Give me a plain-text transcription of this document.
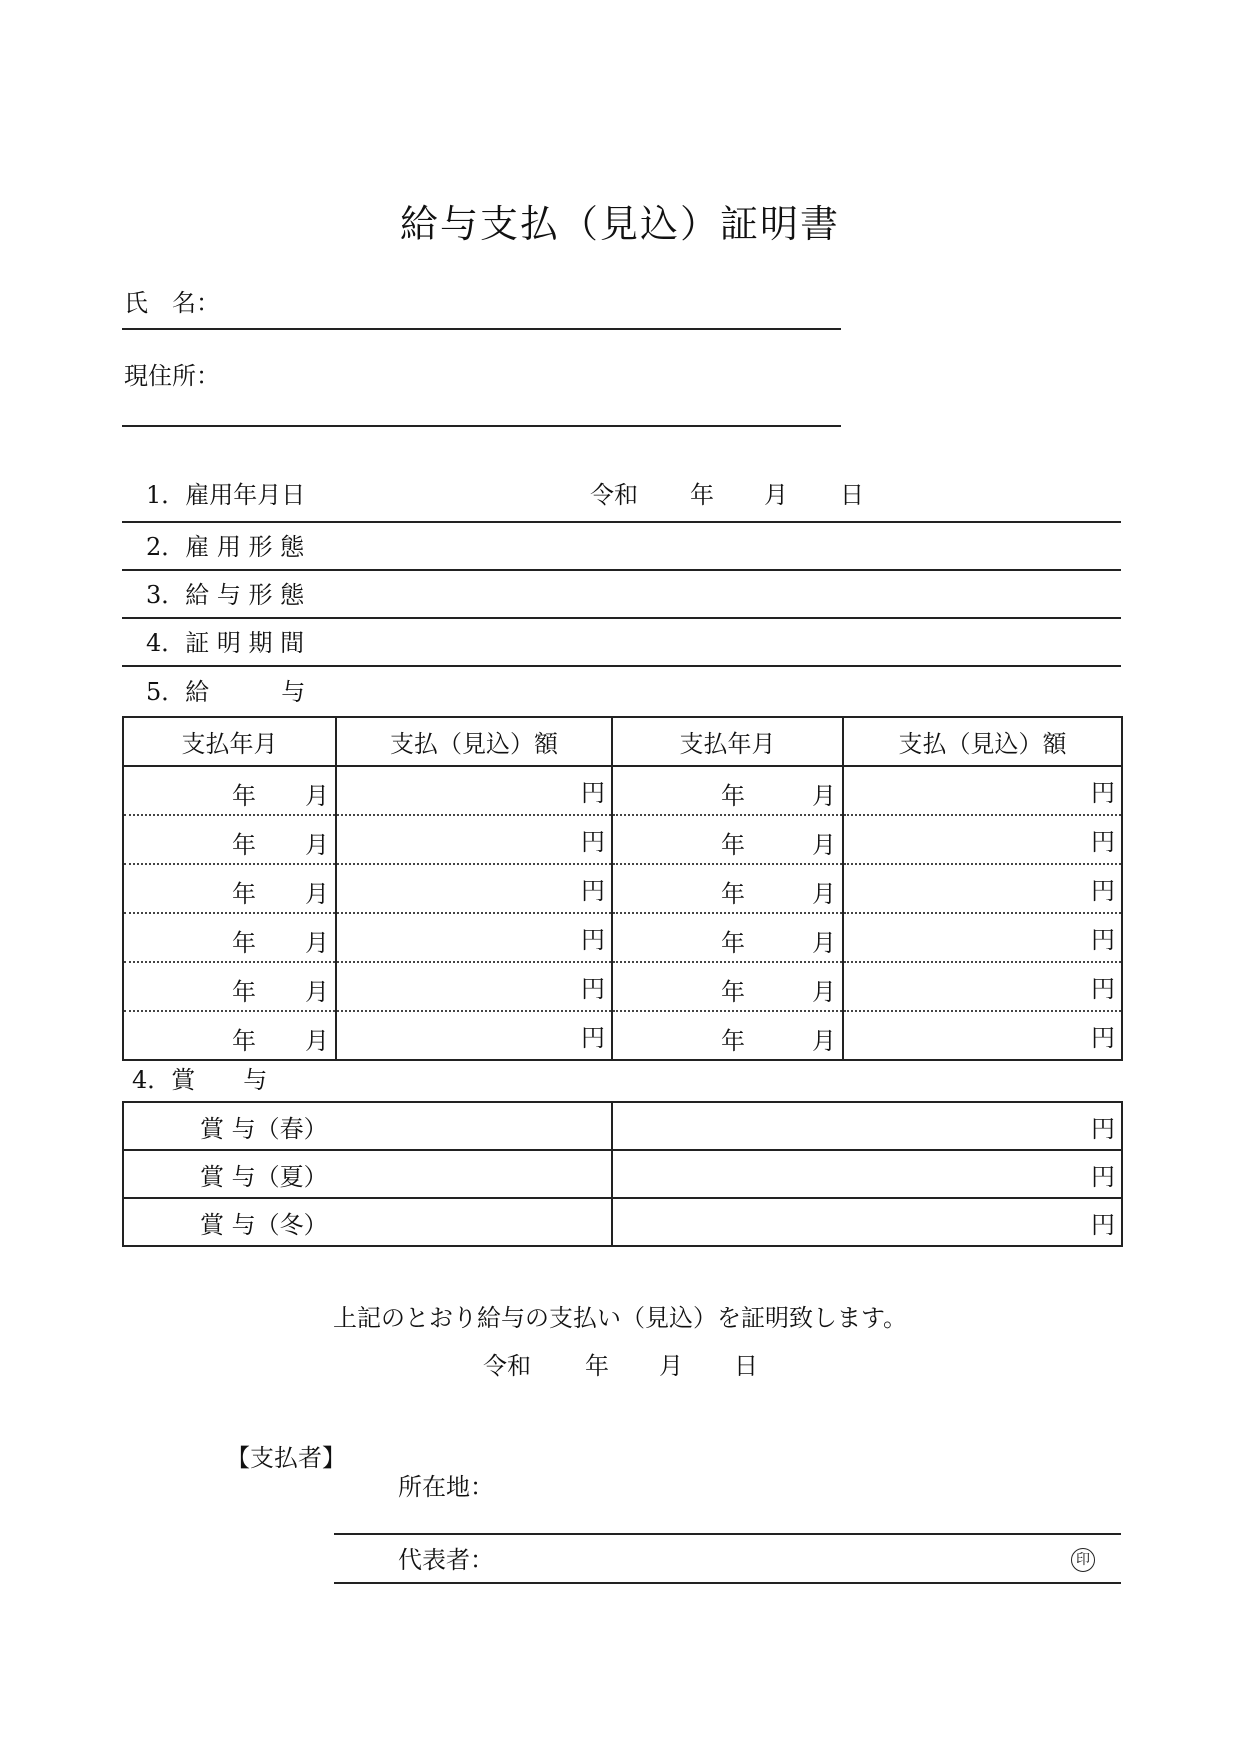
給与支払（見込）証明書
氏　名：
現住所：
1．雇用年月日	令和 年 月 日
2．雇 用 形 態
3．給 与 形 態
4．証 明 期 間
5．給　　　与
支払年月	支払（見込）額	支払年月	支払（見込）額

年 月	円	年 月	円

年 月	円	年 月	円

年 月	円	年 月	円

年 月	円	年 月	円

年 月	円	年 月	円

年 月	円	年 月	円
4．賞　　与
賞 与（春）	円
賞 与（夏）	円
賞 与（冬）	円
上記のとおり給与の支払い（見込）を証明致します。
令和 年 月 日
【支払者】
所在地：
代表者：	印
